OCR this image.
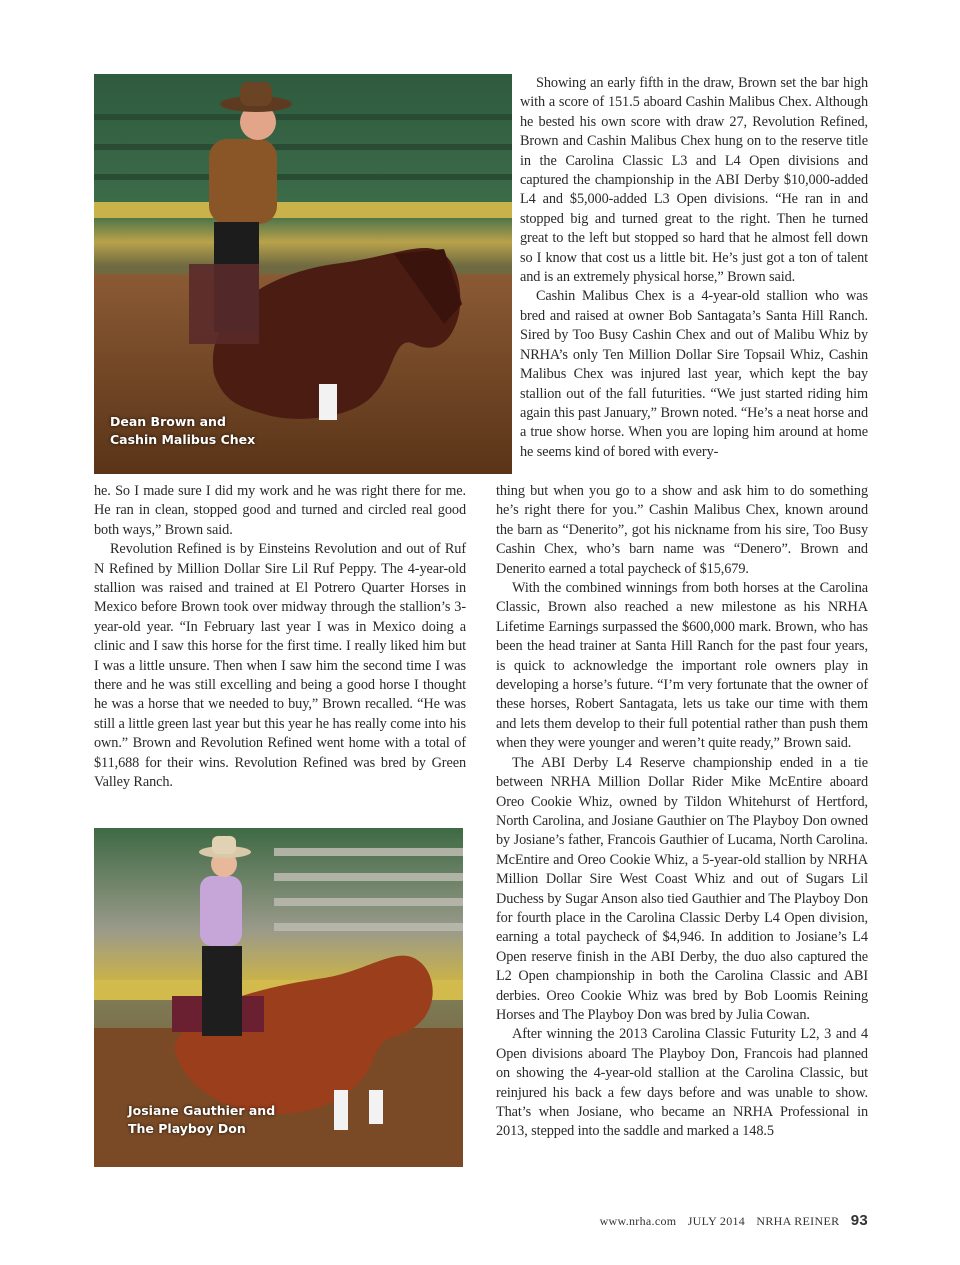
Dean Brown and
Cashin Malibus Chex

Showing an early fifth in the draw, Brown set the bar high with a score of 151.5 aboard Cashin Malibus Chex. Although he bested his own score with draw 27, Revolution Refined, Brown and Cashin Malibus Chex hung on to the reserve title in the Carolina Classic L3 and L4 Open divisions and captured the championship in the ABI Derby $10,000-added L4 and $5,000-added L3 Open divisions. “He ran in and stopped big and turned great to the right. Then he turned great to the left but stopped so hard that he almost fell down so I know that cost us a little bit. He’s just got a ton of talent and is an extremely physical horse,” Brown said.

Cashin Malibus Chex is a 4-year-old stallion who was bred and raised at owner Bob Santagata’s Santa Hill Ranch. Sired by Too Busy Cashin Chex and out of Malibu Whiz by NRHA’s only Ten Million Dollar Sire Topsail Whiz, Cashin Malibus Chex was injured last year, which kept the bay stallion out of the fall futurities. “We just started riding him again this past January,” Brown noted. “He’s a neat horse and a true show horse. When you are loping him around at home he seems kind of bored with every-

he. So I made sure I did my work and he was right there for me. He ran in clean, stopped good and turned and circled real good both ways,” Brown said.

Revolution Refined is by Einsteins Revolution and out of Ruf N Refined by Million Dollar Sire Lil Ruf Peppy. The 4-year-old stallion was raised and trained at El Potrero Quarter Horses in Mexico before Brown took over midway through the stallion’s 3-year-old year. “In February last year I was in Mexico doing a clinic and I saw this horse for the first time. I really liked him but I was a little unsure. Then when I saw him the second time I was there and he was still excelling and being a good horse I thought he was a horse that we needed to buy,” Brown recalled. “He was still a little green last year but this year he has really come into his own.” Brown and Revolution Refined went home with a total of $11,688 for their wins. Revolution Refined was bred by Green Valley Ranch.

thing but when you go to a show and ask him to do something he’s right there for you.” Cashin Malibus Chex, known around the barn as “Denerito”, got his nickname from his sire, Too Busy Cashin Chex, who’s barn name was “Denero”. Brown and Denerito earned a total paycheck of $15,679.

With the combined winnings from both horses at the Carolina Classic, Brown also reached a new milestone as his NRHA Lifetime Earnings surpassed the $600,000 mark. Brown, who has been the head trainer at Santa Hill Ranch for the past four years, is quick to acknowledge the important role owners play in developing a horse’s future. “I’m very fortunate that the owner of these horses, Robert Santagata, lets us take our time with them and lets them develop to their full potential rather than push them when they were younger and weren’t quite ready,” Brown said.

The ABI Derby L4 Reserve championship ended in a tie between NRHA Million Dollar Rider Mike McEntire aboard Oreo Cookie Whiz, owned by Tildon Whitehurst of Hertford, North Carolina, and Josiane Gauthier on The Playboy Don owned by Josiane’s father, Francois Gauthier of Lucama, North Carolina. McEntire and Oreo Cookie Whiz, a 5-year-old stallion by NRHA Million Dollar Sire West Coast Whiz and out of Sugars Lil Duchess by Sugar Anson also tied Gauthier and The Playboy Don for fourth place in the Carolina Classic Derby L4 Open division, earning a total paycheck of $4,946. In addition to Josiane’s L4 Open reserve finish in the ABI Derby, the duo also captured the L2 Open championship in both the Carolina Classic and ABI derbies. Oreo Cookie Whiz was bred by Bob Loomis Reining Horses and The Playboy Don was bred by Julia Cowan.

After winning the 2013 Carolina Classic Futurity L2, 3 and 4 Open divisions aboard The Playboy Don, Francois had planned on showing the 4-year-old stallion at the Carolina Classic, but reinjured his back a few days before and was unable to show. That’s when Josiane, who became an NRHA Professional in 2013, stepped into the saddle and marked a 148.5

Josiane Gauthier and
The Playboy Don
www.nrha.com JULY 2014 NRHA REINER 93
